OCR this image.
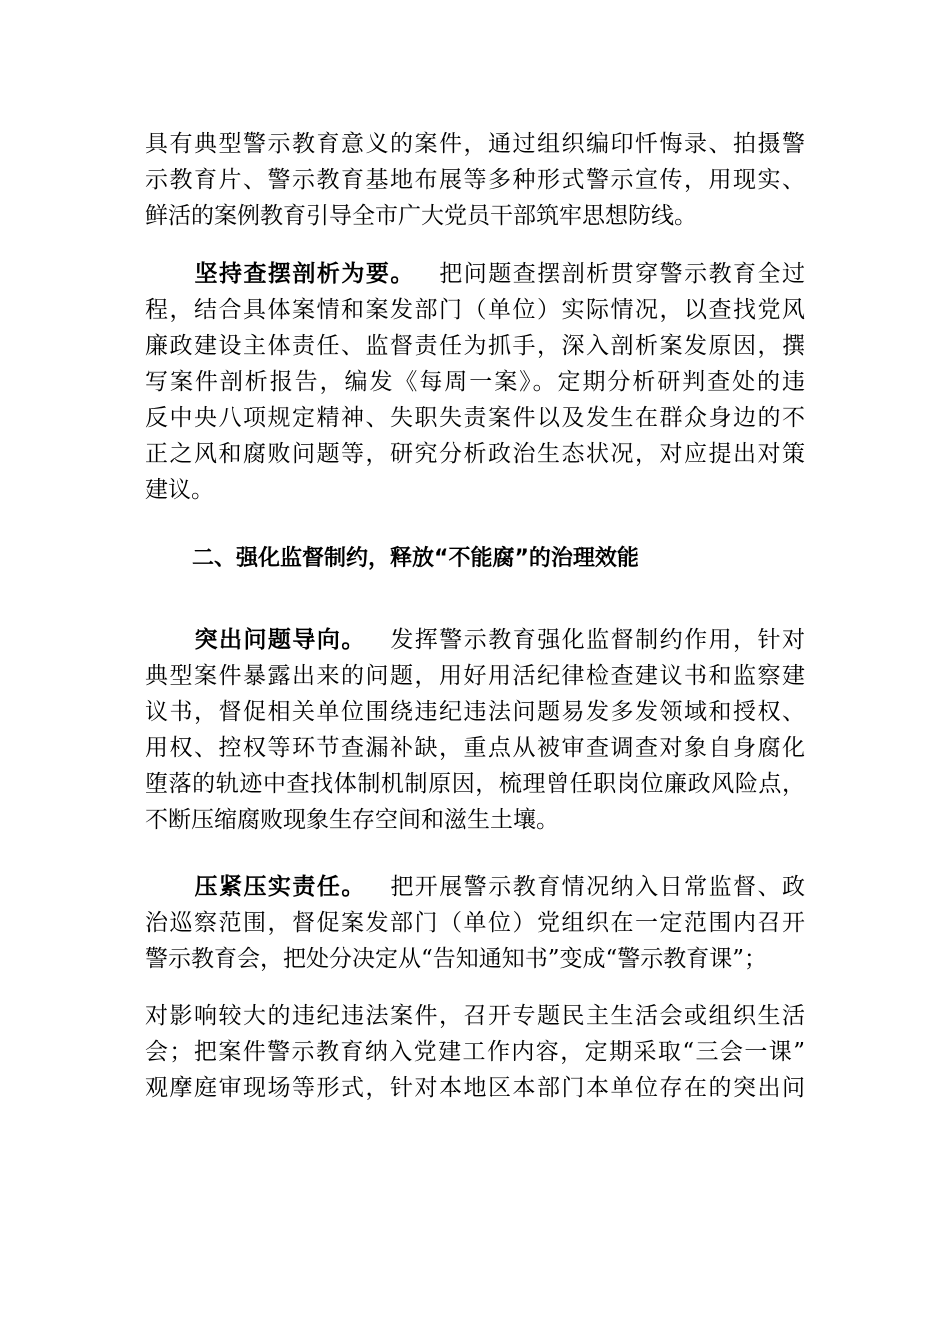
具有典型警示教育意义的案件，通过组织编印忏悔录、拍摄警
示教育片、警示教育基地布展等多种形式警示宣传，用现实、
鲜活的案例教育引导全市广大党员干部筑牢思想防线。
坚持查摆剖析为要。  把问题查摆剖析贯穿警示教育全过
程，结合具体案情和案发部门（单位）实际情况，以查找党风
廉政建设主体责任、监督责任为抓手，深入剖析案发原因，撰
写案件剖析报告，编发《每周一案》。定期分析研判查处的违
反中央八项规定精神、失职失责案件以及发生在群众身边的不
正之风和腐败问题等，研究分析政治生态状况，对应提出对策
建议。
二、强化监督制约，释放“不能腐”的治理效能
突出问题导向。  发挥警示教育强化监督制约作用，针对
典型案件暴露出来的问题，用好用活纪律检查建议书和监察建
议书，督促相关单位围绕违纪违法问题易发多发领域和授权、
用权、控权等环节查漏补缺，重点从被审查调查对象自身腐化
堕落的轨迹中查找体制机制原因，梳理曾任职岗位廉政风险点，
不断压缩腐败现象生存空间和滋生土壤。
压紧压实责任。  把开展警示教育情况纳入日常监督、政
治巡察范围，督促案发部门（单位）党组织在一定范围内召开
警示教育会，把处分决定从“告知通知书”变成“警示教育课”；
对影响较大的违纪违法案件，召开专题民主生活会或组织生活
会；把案件警示教育纳入党建工作内容，定期采取“三会一课”
观摩庭审现场等形式，针对本地区本部门本单位存在的突出问
